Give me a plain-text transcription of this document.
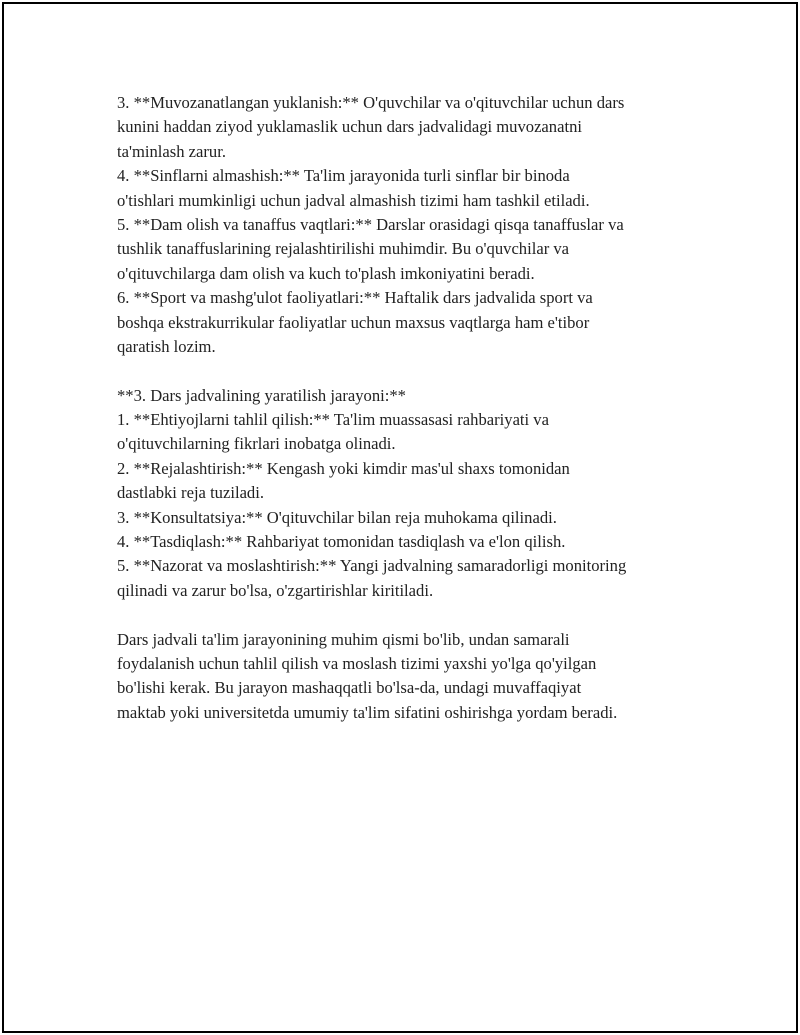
3. **Muvozanatlangan yuklanish:** O'quvchilar va o'qituvchilar uchun dars
kunini haddan ziyod yuklamaslik uchun dars jadvalidagi muvozanatni
ta'minlash zarur.
4. **Sinflarni almashish:** Ta'lim jarayonida turli sinflar bir binoda
o'tishlari mumkinligi uchun jadval almashish tizimi ham tashkil etiladi.
5. **Dam olish va tanaffus vaqtlari:** Darslar orasidagi qisqa tanaffuslar va
tushlik tanaffuslarining rejalashtirilishi muhimdir. Bu o'quvchilar va
o'qituvchilarga dam olish va kuch to'plash imkoniyatini beradi.
6. **Sport va mashg'ulot faoliyatlari:** Haftalik dars jadvalida sport va
boshqa ekstrakurrikular faoliyatlar uchun maxsus vaqtlarga ham e'tibor
qaratish lozim.
**3. Dars jadvalining yaratilish jarayoni:**
1. **Ehtiyojlarni tahlil qilish:** Ta'lim muassasasi rahbariyati va
o'qituvchilarning fikrlari inobatga olinadi.
2. **Rejalashtirish:** Kengash yoki kimdir mas'ul shaxs tomonidan
dastlabki reja tuziladi.
3. **Konsultatsiya:** O'qituvchilar bilan reja muhokama qilinadi.
4. **Tasdiqlash:** Rahbariyat tomonidan tasdiqlash va e'lon qilish.
5. **Nazorat va moslashtirish:** Yangi jadvalning samaradorligi monitoring
qilinadi va zarur bo'lsa, o'zgartirishlar kiritiladi.
Dars jadvali ta'lim jarayonining muhim qismi bo'lib, undan samarali
foydalanish uchun tahlil qilish va moslash tizimi yaxshi yo'lga qo'yilgan
bo'lishi kerak. Bu jarayon mashaqqatli bo'lsa-da, undagi muvaffaqiyat
maktab yoki universitetda umumiy ta'lim sifatini oshirishga yordam beradi.
